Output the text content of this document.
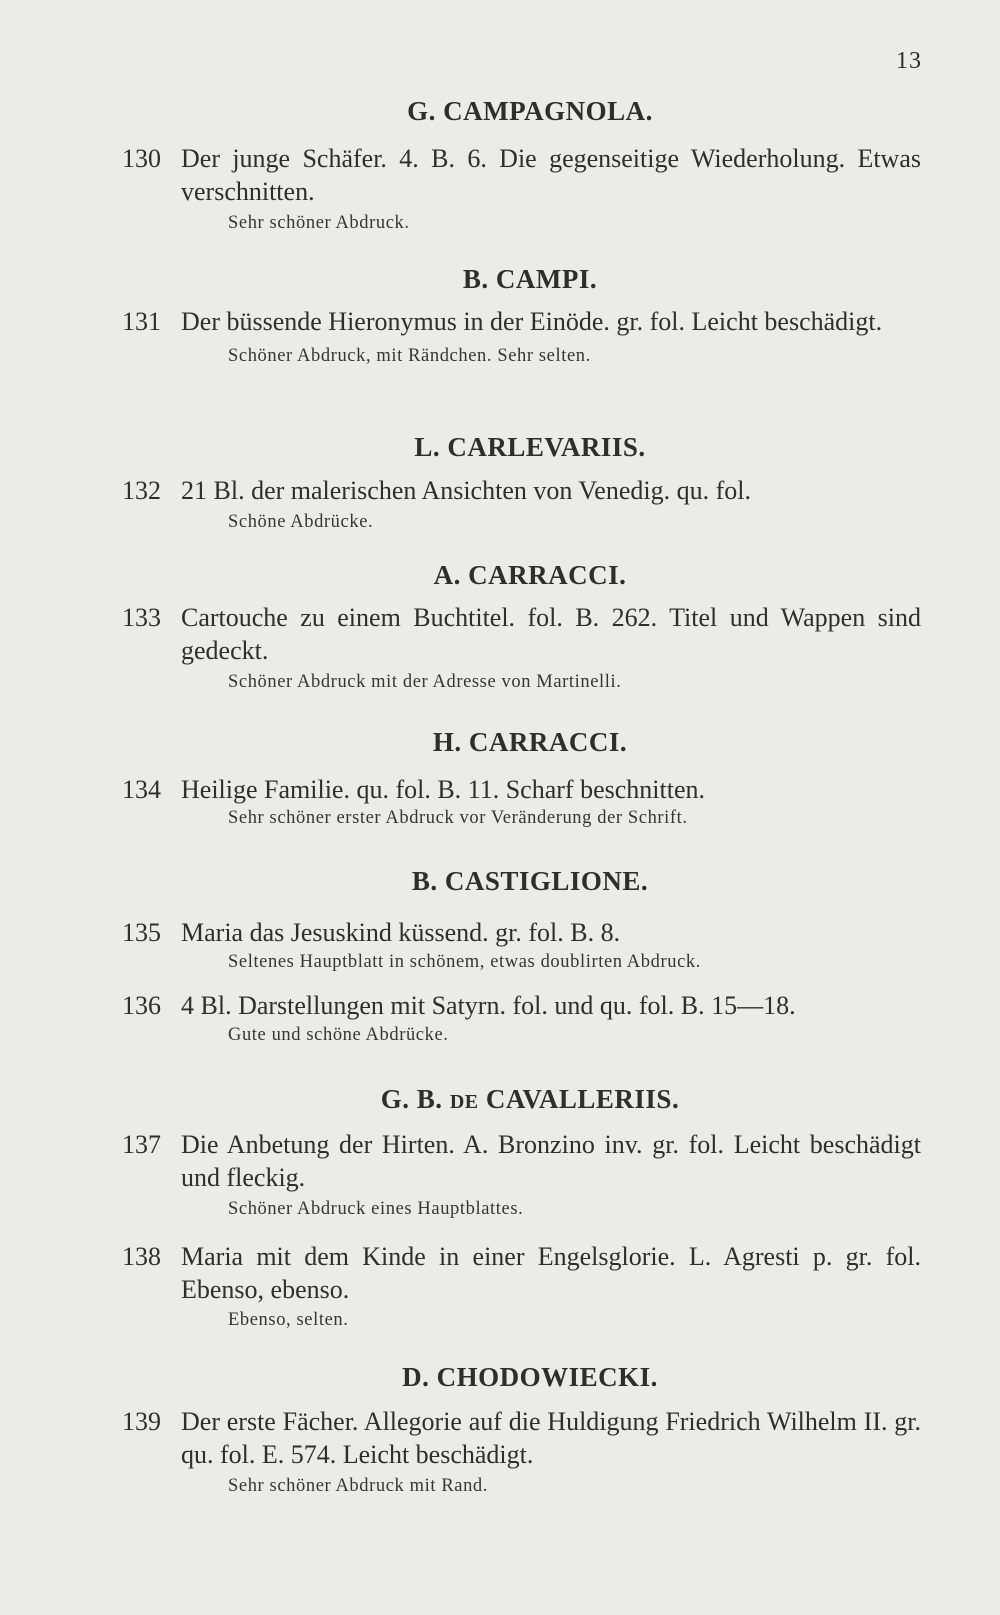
13
G. CAMPAGNOLA.
130 Der junge Schäfer. 4. B. 6. Die gegenseitige Wiederholung. Etwas verschnitten.
Sehr schöner Abdruck.
B. CAMPI.
131 Der büssende Hieronymus in der Einöde. gr. fol. Leicht beschädigt.
Schöner Abdruck, mit Rändchen. Sehr selten.
L. CARLEVARIIS.
132 21 Bl. der malerischen Ansichten von Venedig. qu. fol.
Schöne Abdrücke.
A. CARRACCI.
133 Cartouche zu einem Buchtitel. fol. B. 262. Titel und Wappen sind gedeckt.
Schöner Abdruck mit der Adresse von Martinelli.
H. CARRACCI.
134 Heilige Familie. qu. fol. B. 11. Scharf beschnitten.
Sehr schöner erster Abdruck vor Veränderung der Schrift.
B. CASTIGLIONE.
135 Maria das Jesuskind küssend. gr. fol. B. 8.
Seltenes Hauptblatt in schönem, etwas doublirten Abdruck.
136 4 Bl. Darstellungen mit Satyrn. fol. und qu. fol. B. 15—18.
Gute und schöne Abdrücke.
G. B. DE CAVALLERIIS.
137 Die Anbetung der Hirten. A. Bronzino inv. gr. fol. Leicht beschädigt und fleckig.
Schöner Abdruck eines Hauptblattes.
138 Maria mit dem Kinde in einer Engelsglorie. L. Agresti p. gr. fol. Ebenso, ebenso.
Ebenso, selten.
D. CHODOWIECKI.
139 Der erste Fächer. Allegorie auf die Huldigung Friedrich Wilhelm II. gr. qu. fol. E. 574. Leicht beschädigt.
Sehr schöner Abdruck mit Rand.
